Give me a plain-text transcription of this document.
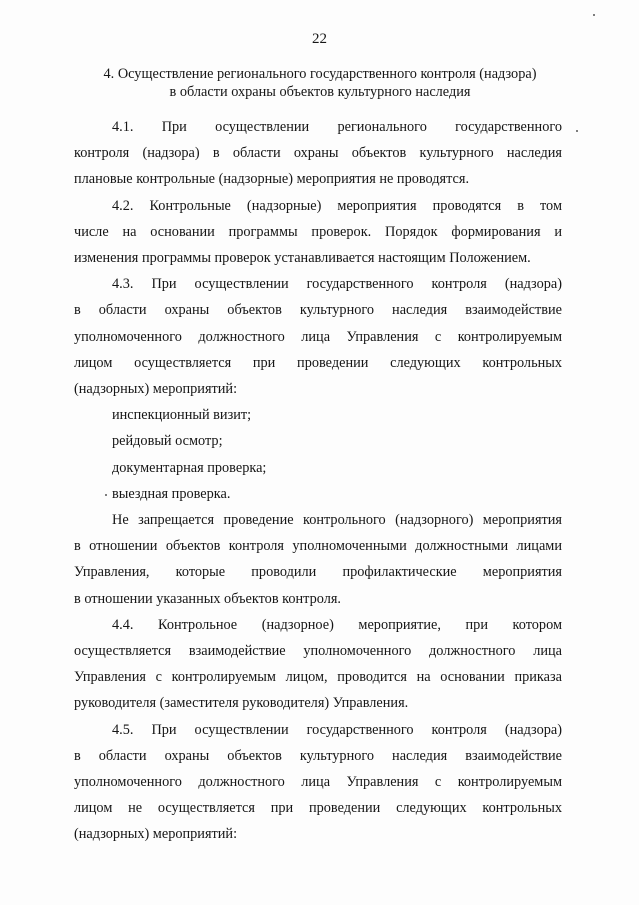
22
4. Осуществление регионального государственного контроля (надзора)
в области охраны объектов культурного наследия
4.1. При осуществлении регионального государственного
контроля (надзора) в области охраны объектов культурного наследия
плановые контрольные (надзорные) мероприятия не проводятся.
4.2. Контрольные (надзорные) мероприятия проводятся в том
числе на основании программы проверок. Порядок формирования и
изменения программы проверок устанавливается настоящим Положением.
4.3. При осуществлении государственного контроля (надзора)
в области охраны объектов культурного наследия взаимодействие
уполномоченного должностного лица Управления с контролируемым
лицом осуществляется при проведении следующих контрольных
(надзорных) мероприятий:
инспекционный визит;
рейдовый осмотр;
документарная проверка;
выездная проверка.
Не запрещается проведение контрольного (надзорного) мероприятия
в отношении объектов контроля уполномоченными должностными лицами
Управления, которые проводили профилактические мероприятия
в отношении указанных объектов контроля.
4.4. Контрольное (надзорное) мероприятие, при котором
осуществляется взаимодействие уполномоченного должностного лица
Управления с контролируемым лицом, проводится на основании приказа
руководителя (заместителя руководителя) Управления.
4.5. При осуществлении государственного контроля (надзора)
в области охраны объектов культурного наследия взаимодействие
уполномоченного должностного лица Управления с контролируемым
лицом не осуществляется при проведении следующих контрольных
(надзорных) мероприятий:
